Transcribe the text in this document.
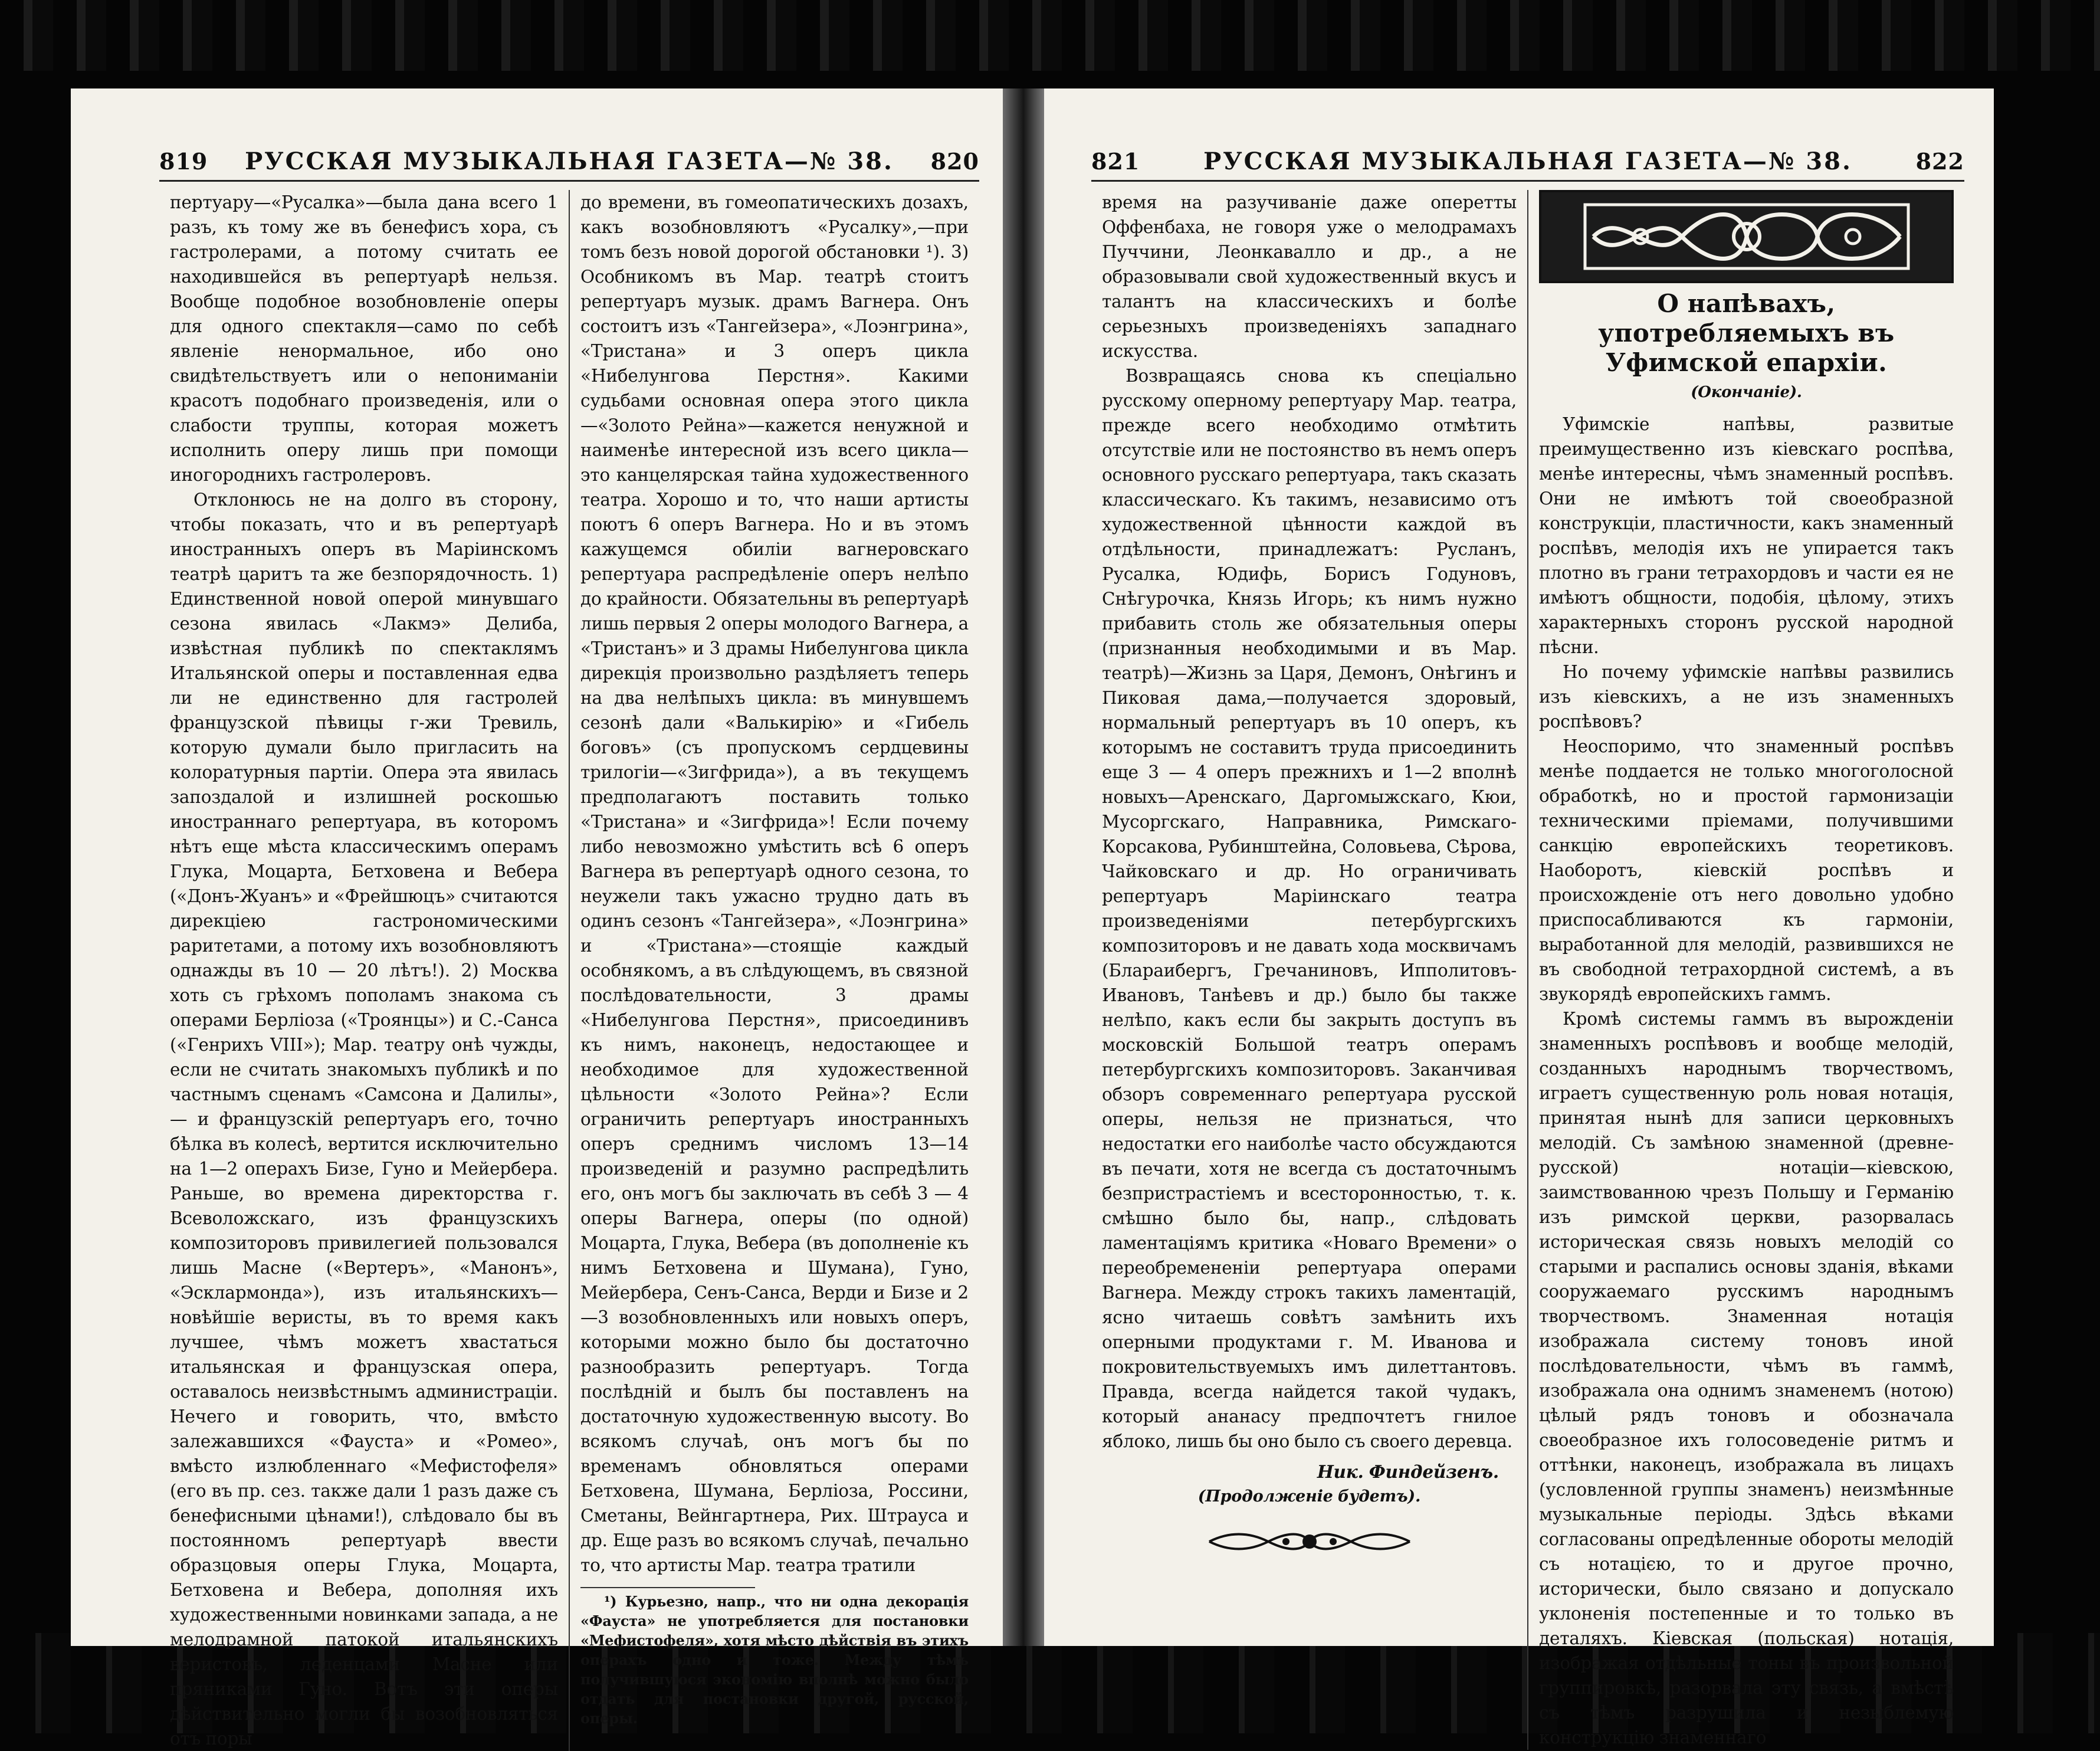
819 РУССКАЯ МУЗЫКАЛЬНАЯ ГАЗЕТА—№ 38. 820

пертуару—«Русалка»—была дана всего 1 разъ, къ тому же въ бенефисъ хора, съ гастролерами, а потому считать ее находившейся въ репертуарѣ нельзя. Вообще подобное возобновленіе оперы для одного спектакля—само по себѣ явленіе ненормальное, ибо оно свидѣтельствуетъ или о непониманіи красотъ подобнаго произведенія, или о слабости труппы, которая можетъ исполнить оперу лишь при помощи иногороднихъ гастролеровъ.

Отклонюсь не на долго въ сторону, чтобы показать, что и въ репертуарѣ иностранныхъ оперъ въ Маріинскомъ театрѣ царитъ та же безпорядочность. 1) Единственной новой оперой минувшаго сезона явилась «Лакмэ» Делиба, извѣстная публикѣ по спектаклямъ Итальянской оперы и поставленная едва ли не единственно для гастролей французской пѣвицы г-жи Тревиль, которую думали было пригласить на колоратурныя партіи. Опера эта явилась запоздалой и излишней роскошью иностраннаго репертуара, въ которомъ нѣтъ еще мѣста классическимъ операмъ Глука, Моцарта, Бетховена и Вебера («Донъ-Жуанъ» и «Фрейшюцъ» считаются дирекціею гастрономическими раритетами, а потому ихъ возобновляютъ однажды въ 10 — 20 лѣтъ!). 2) Москва хоть съ грѣхомъ пополамъ знакома съ операми Берліоза («Троянцы») и С.-Санса («Генрихъ VIII»); Мар. театру онѣ чужды, если не считать знакомыхъ публикѣ и по частнымъ сценамъ «Самсона и Далилы», — и французскій репертуаръ его, точно бѣлка въ колесѣ, вертится исключительно на 1—2 операхъ Бизе, Гуно и Мейербера. Раньше, во времена директорства г. Всеволожскаго, изъ французскихъ композиторовъ привилегией пользовался лишь Масне («Вертеръ», «Манонъ», «Эсклармонда»), изъ итальянскихъ—новѣйшіе веристы, въ то время какъ лучшее, чѣмъ можетъ хвастаться итальянская и французская опера, оставалось неизвѣстнымъ администраціи. Нечего и говорить, что, вмѣсто залежавшихся «Фауста» и «Ромео», вмѣсто излюбленнаго «Мефистофеля» (его въ пр. сез. также дали 1 разъ даже съ бенефисными цѣнами!), слѣдовало бы въ постоянномъ репертуарѣ ввести образцовыя оперы Глука, Моцарта, Бетховена и Вебера, дополняя ихъ художественными новинками запада, а не мелодрамной патокой итальянскихъ веристовъ, леденцами Масне или пряниками Гуно. Вотъ эти оперы дѣйствительно могли бы возобновляться отъ поры

до времени, въ гомеопатическихъ дозахъ, какъ возобновляютъ «Русалку»,—при томъ безъ новой дорогой обстановки ¹). 3) Особникомъ въ Мар. театрѣ стоитъ репертуаръ музык. драмъ Вагнера. Онъ состоитъ изъ «Тангейзера», «Лоэнгрина», «Тристана» и 3 оперъ цикла «Нибелунгова Перстня». Какими судьбами основная опера этого цикла—«Золото Рейна»—кажется ненужной и наименѣе интересной изъ всего цикла—это канцелярская тайна художественного театра. Хорошо и то, что наши артисты поютъ 6 оперъ Вагнера. Но и въ этомъ кажущемся обиліи вагнеровскаго репертуара распредѣленіе оперъ нелѣпо до крайности. Обязательны въ репертуарѣ лишь первыя 2 оперы молодого Вагнера, а «Тристанъ» и 3 драмы Нибелунгова цикла дирекція произвольно раздѣляетъ теперь на два нелѣпыхъ цикла: въ минувшемъ сезонѣ дали «Валькирію» и «Гибель боговъ» (съ пропускомъ сердцевины трилогіи—«Зигфрида»), а въ текущемъ предполагаютъ поставить только «Тристана» и «Зигфрида»! Если почему либо невозможно умѣстить всѣ 6 оперъ Вагнера въ репертуарѣ одного сезона, то неужели такъ ужасно трудно дать въ одинъ сезонъ «Тангейзера», «Лоэнгрина» и «Тристана»—стоящіе каждый особнякомъ, а въ слѣдующемъ, въ связной послѣдовательности, 3 драмы «Нибелунгова Перстня», присоединивъ къ нимъ, наконецъ, недостающее и необходимое для художественной цѣльности «Золото Рейна»? Если ограничить репертуаръ иностранныхъ оперъ среднимъ числомъ 13—14 произведеній и разумно распредѣлить его, онъ могъ бы заключать въ себѣ 3 — 4 оперы Вагнера, оперы (по одной) Моцарта, Глука, Вебера (въ дополненіе къ нимъ Бетховена и Шумана), Гуно, Мейербера, Сенъ-Санса, Верди и Бизе и 2—3 возобновленныхъ или новыхъ оперъ, которыми можно было бы достаточно разнообразить репертуаръ. Тогда послѣдній и былъ бы поставленъ на достаточную художественную высоту. Во всякомъ случаѣ, онъ могъ бы по временамъ обновляться операми Бетховена, Шумана, Берліоза, Россини, Сметаны, Вейнгартнера, Рих. Штрауса и др. Еще разъ во всякомъ случаѣ, печально то, что артисты Мар. театра тратили

¹) Курьезно, напр., что ни одна декорація «Фауста» не употребляется для постановки «Мефистофеля», хотя мѣсто дѣйствія въ этихъ операхъ одно и тоже. Между тѣмъ получившуюся экономію вполнѣ можно было отдать для постановки другой, русской, оперы.

821	РУССКАЯ МУЗЫКАЛЬНАЯ ГАЗЕТА—№ 38.	822

время на разучиваніе даже оперетты Оффенбаха, не говоря уже о мелодрамахъ Пуччини, Леонкавалло и др., а не образовывали свой художественный вкусъ и талантъ на классическихъ и болѣе серьезныхъ произведеніяхъ западнаго искусства.

Возвращаясь снова къ спеціально русскому оперному репертуару Мар. театра, прежде всего необходимо отмѣтить отсутствіе или не постоянство въ немъ оперъ основного русскаго репертуара, такъ сказать классическаго. Къ такимъ, независимо отъ художественной цѣнности каждой въ отдѣльности, принадлежатъ: Русланъ, Русалка, Юдифь, Борисъ Годуновъ, Снѣгурочка, Князь Игорь; къ нимъ нужно прибавить столь же обязательныя оперы (признанныя необходимыми и въ Мар. театрѣ)—Жизнь за Царя, Демонъ, Онѣгинъ и Пиковая дама,—получается здоровый, нормальный репертуаръ въ 10 оперъ, къ которымъ не составитъ труда присоединить еще 3 — 4 оперъ прежнихъ и 1—2 вполнѣ новыхъ—Аренскаго, Даргомыжскаго, Кюи, Мусоргскаго, Направника, Римскаго-Корсакова, Рубинштейна, Соловьева, Сѣрова, Чайковскаго и др. Но ограничивать репертуаръ Маріинскаго театра произведеніями петербургскихъ композиторовъ и не давать хода москвичамъ (Блараибергъ, Гречаниновъ, Ипполитовъ-Ивановъ, Танѣевъ и др.) было бы также нелѣпо, какъ если бы закрыть доступъ въ московскій Большой театръ операмъ петербургскихъ композиторовъ. Заканчивая обзоръ современнаго репертуара русской оперы, нельзя не признаться, что недостатки его наиболѣе часто обсуждаются въ печати, хотя не всегда съ достаточнымъ безпристрастіемъ и всесторонностью, т. к. смѣшно было бы, напр., слѣдовать ламентаціямъ критика «Новаго Времени» о переобремененіи репертуара операми Вагнера. Между строкъ такихъ ламентацій, ясно читаешь совѣтъ замѣнить ихъ оперными продуктами г. М. Иванова и покровительствуемыхъ имъ дилеттантовъ. Правда, всегда найдется такой чудакъ, который ананасу предпочтетъ гнилое яблоко, лишь бы оно было съ своего деревца.

Ник. Финдейзенъ.
(Продолженіе будетъ).
О напѣвахъ, употребляемыхъ въ Уфимской епархіи.
(Окончаніе).

Уфимскіе напѣвы, развитые преимущественно изъ кіевскаго роспѣва, менѣе интересны, чѣмъ знаменный роспѣвъ. Они не имѣютъ той своеобразной конструкціи, пластичности, какъ знаменный роспѣвъ, мелодія ихъ не упирается такъ плотно въ грани тетрахордовъ и части ея не имѣютъ общности, подобія, цѣлому, этихъ характерныхъ сторонъ русской народной пѣсни.

Но почему уфимскіе напѣвы развились изъ кіевскихъ, а не изъ знаменныхъ роспѣвовъ?

Неоспоримо, что знаменный роспѣвъ менѣе поддается не только многоголосной обработкѣ, но и простой гармонизаціи техническими пріемами, получившими санкцію европейскихъ теоретиковъ. Наоборотъ, кіевскій роспѣвъ и происхожденіе отъ него довольно удобно приспосабливаются къ гармоніи, выработанной для мелодій, развившихся не въ свободной тетрахордной системѣ, а въ звукорядѣ европейскихъ гаммъ.

Кромѣ системы гаммъ въ вырожденіи знаменныхъ роспѣвовъ и вообще мелодій, созданныхъ народнымъ творчествомъ, играетъ существенную роль новая нотація, принятая нынѣ для записи церковныхъ мелодій. Съ замѣною знаменной (древне-русской) нотаціи—кіевскою, заимствованною чрезъ Польшу и Германію изъ римской церкви, разорвалась историческая связь новыхъ мелодій со старыми и распались основы зданія, вѣками сооружаемаго русскимъ народнымъ творчествомъ. Знаменная нотація изображала систему тоновъ иной послѣдовательности, чѣмъ въ гаммѣ, изображала она однимъ знаменемъ (нотою) цѣлый рядъ тоновъ и обозначала своеобразное ихъ голосоведеніе ритмъ и оттѣнки, наконецъ, изображала въ лицахъ (условленной группы знаменъ) неизмѣнные музыкальные періоды. Здѣсь вѣками согласованы опредѣленные обороты мелодій съ нотацією, то и другое прочно, исторически, было связано и допускало уклоненія постепенные и то только въ деталяхъ. Кіевская (польская) нотація, изображая отдѣльные тоны въ произвольной группировкѣ, разорвала эту связь, а вмѣстѣ съ тѣмъ разрушила и незыблемую конструкцію знаменнаго
